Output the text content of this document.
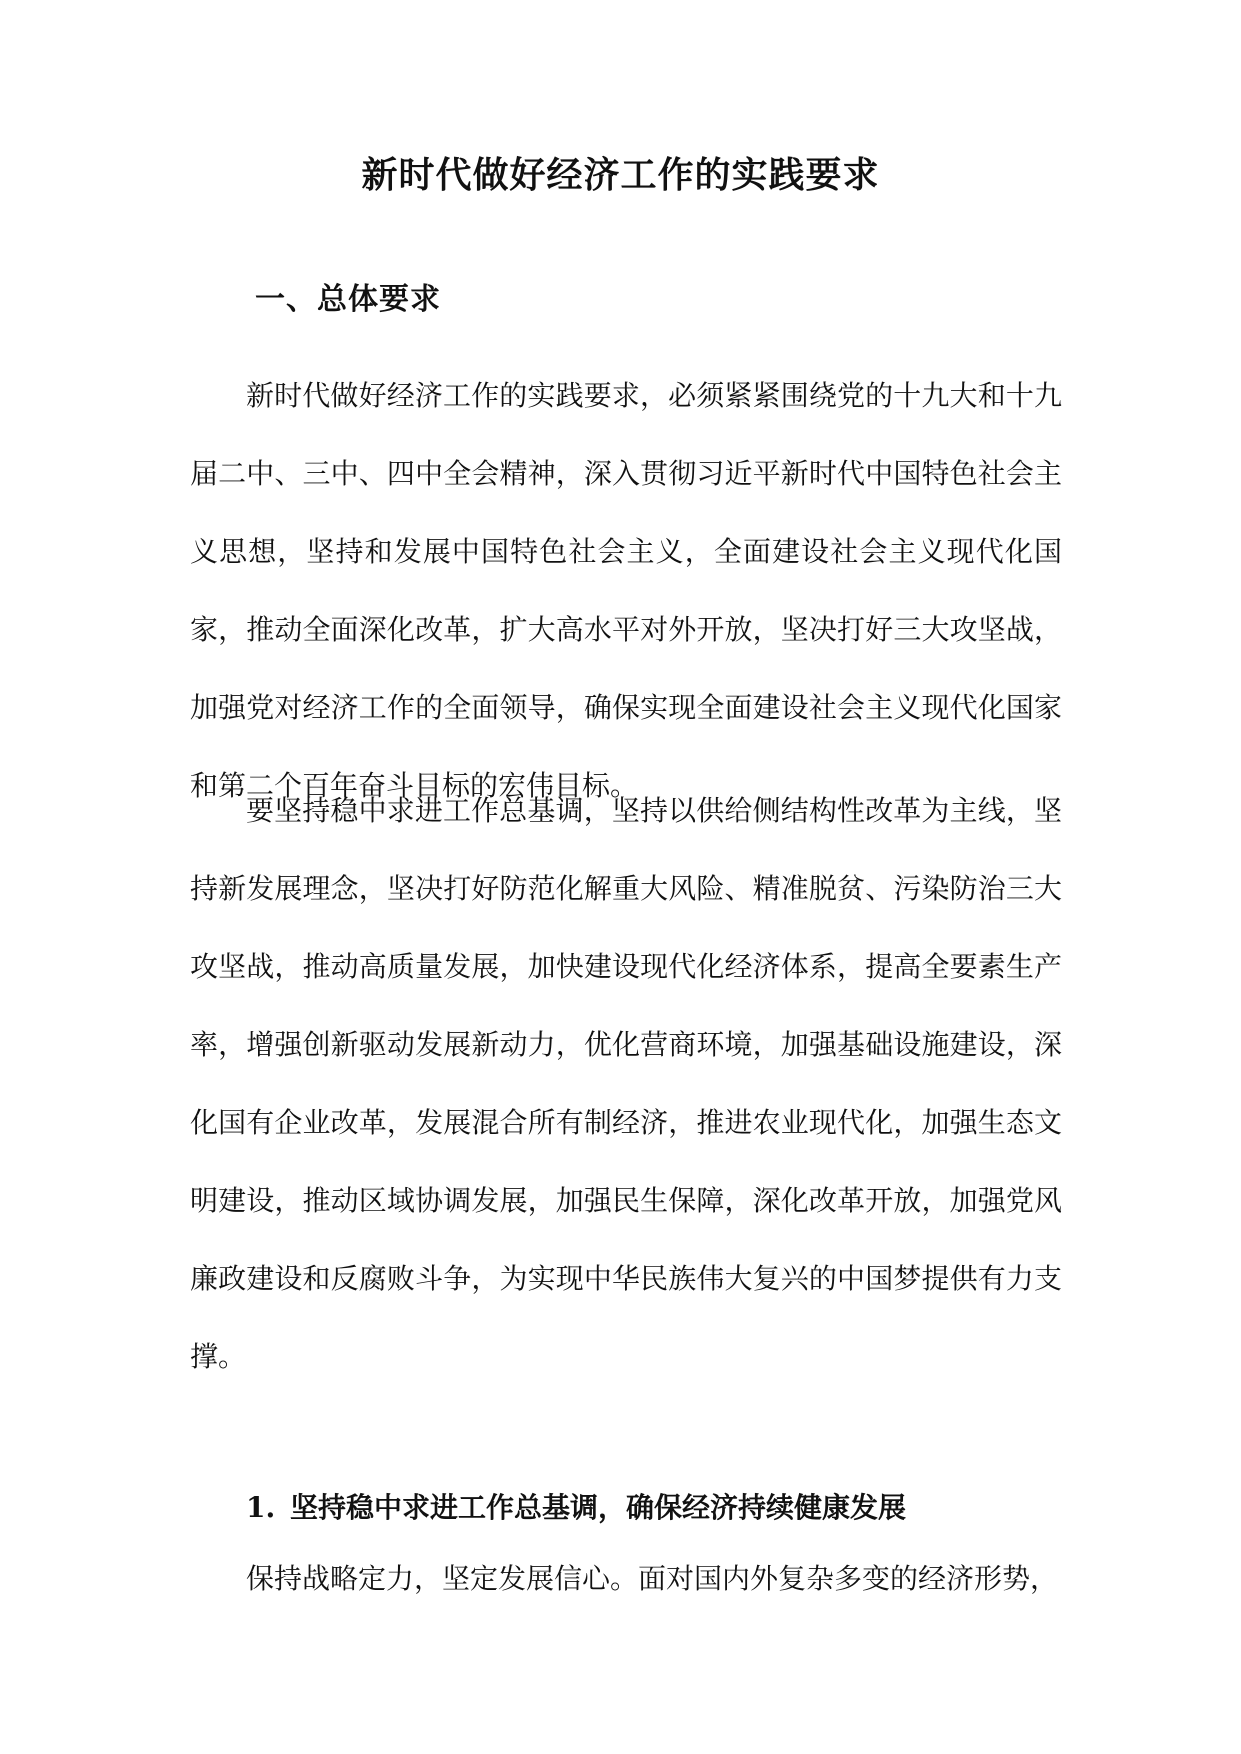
新时代做好经济工作的实践要求
一、总体要求

新时代做好经济工作的实践要求，必须紧紧围绕党的十九大和十九届二中、三中、四中全会精神，深入贯彻习近平新时代中国特色社会主义思想，坚持和发展中国特色社会主义，全面建设社会主义现代化国家，推动全面深化改革，扩大高水平对外开放，坚决打好三大攻坚战，加强党对经济工作的全面领导，确保实现全面建设社会主义现代化国家和第二个百年奋斗目标的宏伟目标。

要坚持稳中求进工作总基调，坚持以供给侧结构性改革为主线，坚持新发展理念，坚决打好防范化解重大风险、精准脱贫、污染防治三大攻坚战，推动高质量发展，加快建设现代化经济体系，提高全要素生产率，增强创新驱动发展新动力，优化营商环境，加强基础设施建设，深化国有企业改革，发展混合所有制经济，推进农业现代化，加强生态文明建设，推动区域协调发展，加强民生保障，深化改革开放，加强党风廉政建设和反腐败斗争，为实现中华民族伟大复兴的中国梦提供有力支撑。

1. 坚持稳中求进工作总基调，确保经济持续健康发展

保持战略定力，坚定发展信心。面对国内外复杂多变的经济形势，
